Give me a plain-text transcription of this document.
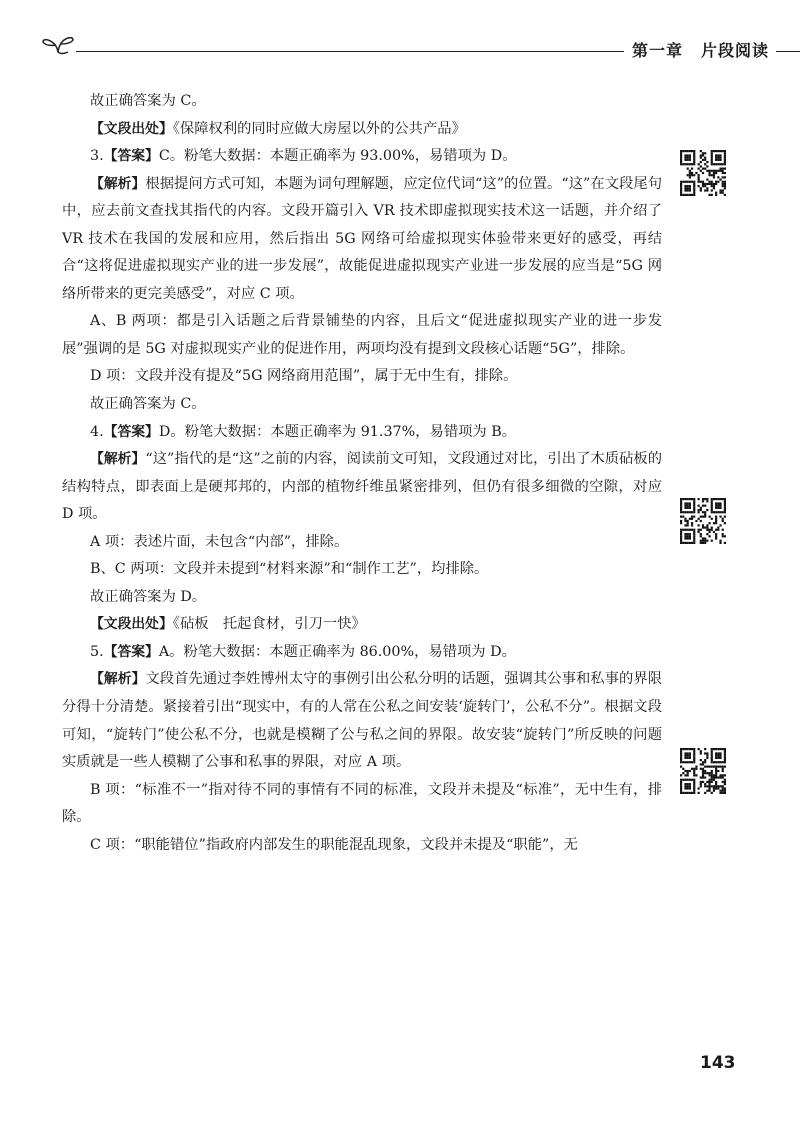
第一章 片段阅读

故正确答案为 C。

【文段出处】《保障权利的同时应做大房屋以外的公共产品》

3.【答案】C。粉笔大数据：本题正确率为 93.00%，易错项为 D。

【解析】根据提问方式可知，本题为词句理解题，应定位代词“这”的位置。“这”在文段尾句中，应去前文查找其指代的内容。文段开篇引入 VR 技术即虚拟现实技术这一话题，并介绍了 VR 技术在我国的发展和应用，然后指出 5G 网络可给虚拟现实体验带来更好的感受，再结合“这将促进虚拟现实产业的进一步发展”，故能促进虚拟现实产业进一步发展的应当是“5G 网络所带来的更完美感受”，对应 C 项。

A、B 两项：都是引入话题之后背景铺垫的内容，且后文“促进虚拟现实产业的进一步发展”强调的是 5G 对虚拟现实产业的促进作用，两项均没有提到文段核心话题“5G”，排除。

D 项：文段并没有提及“5G 网络商用范围”，属于无中生有，排除。

故正确答案为 C。

4.【答案】D。粉笔大数据：本题正确率为 91.37%，易错项为 B。

【解析】“这”指代的是“这”之前的内容，阅读前文可知，文段通过对比，引出了木质砧板的结构特点，即表面上是硬邦邦的，内部的植物纤维虽紧密排列，但仍有很多细微的空隙，对应 D 项。

A 项：表述片面，未包含“内部”，排除。

B、C 两项：文段并未提到“材料来源”和“制作工艺”，均排除。

故正确答案为 D。

【文段出处】《砧板　托起食材，引刀一快》

5.【答案】A。粉笔大数据：本题正确率为 86.00%，易错项为 D。

【解析】文段首先通过李姓博州太守的事例引出公私分明的话题，强调其公事和私事的界限分得十分清楚。紧接着引出“现实中，有的人常在公私之间安装‘旋转门’，公私不分”。根据文段可知，“旋转门”使公私不分，也就是模糊了公与私之间的界限。故安装“旋转门”所反映的问题实质就是一些人模糊了公事和私事的界限，对应 A 项。

B 项：“标准不一”指对待不同的事情有不同的标准，文段并未提及“标准”，无中生有，排除。

C 项：“职能错位”指政府内部发生的职能混乱现象，文段并未提及“职能”，无

143
